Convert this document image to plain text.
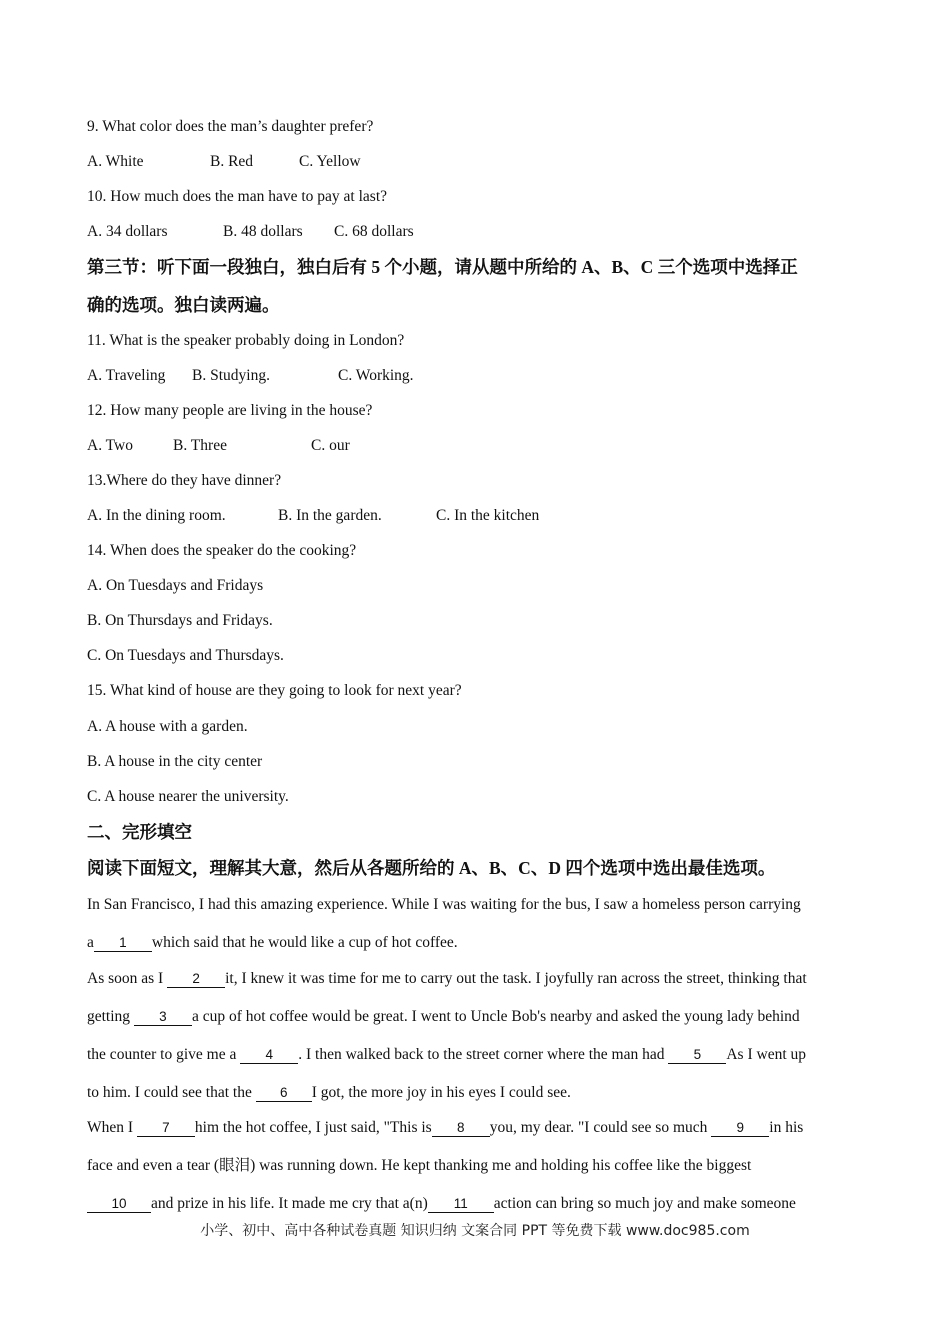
9. What color does the man’s daughter prefer?
A. White	B. Red	C. Yellow
10. How much does the man have to pay at last?
A. 34 dollars	B. 48 dollars C. 68 dollars
第三节：听下面一段独白，独白后有 5 个小题，请从题中所给的 A、B、C 三个选项中选择正
确的选项。独白读两遍。
11. What is the speaker probably doing in London?
A. Traveling B. Studying.	C. Working.
12. How many people are living in the house?
A. Two	B. Three	C. our
13.Where do they have dinner?
A. In the dining room.	B. In the garden.	C. In the kitchen
14. When does the speaker do the cooking?
A. On Tuesdays and Fridays
B. On Thursdays and Fridays.
C. On Tuesdays and Thursdays.
15. What kind of house are they going to look for next year?
A. A house with a garden.
B. A house in the city center
C. A house nearer the university.
二、完形填空
阅读下面短文，理解其大意，然后从各题所给的 A、B、C、D 四个选项中选出最佳选项。
In San Francisco, I had this amazing experience. While I was waiting for the bus, I saw a homeless person carrying
a 1 which said that he would like a cup of hot coffee.
As soon as I 2 it, I knew it was time for me to carry out the task. I joyfully ran across the street, thinking that
getting 3 a cup of hot coffee would be great. I went to Uncle Bob's nearby and asked the young lady behind
the counter to give me a 4 . I then walked back to the street corner where the man had 5 As I went up
to him. I could see that the 6 I got, the more joy in his eyes I could see.
When I 7 him the hot coffee, I just said, "This is 8 you, my dear. "I could see so much 9 in his
face and even a tear (眼泪) was running down. He kept thanking me and holding his coffee like the biggest
10 and prize in his life. It made me cry that a(n) 11 action can bring so much joy and make someone
小学、初中、高中各种试卷真题 知识归纳 文案合同 PPT 等免费下载 www.doc985.com
